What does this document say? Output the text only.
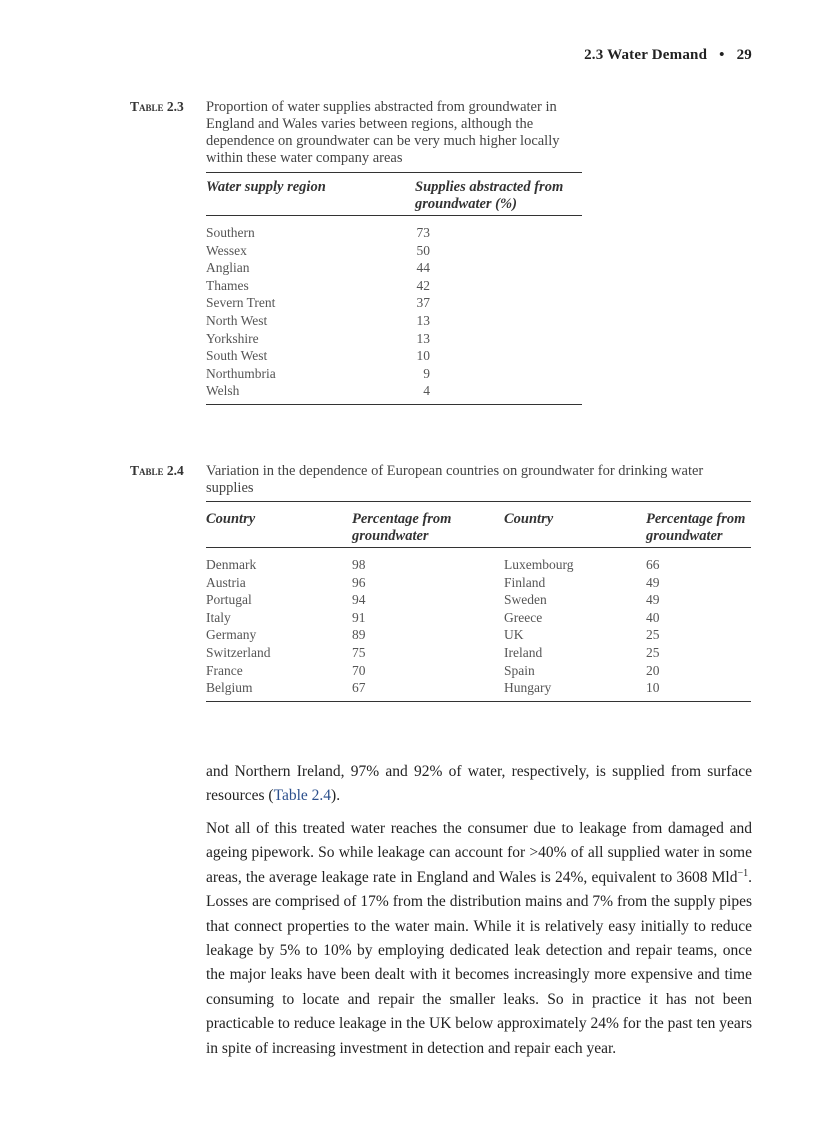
2.3 Water Demand • 29
Table 2.3 Proportion of water supplies abstracted from groundwater in England and Wales varies between regions, although the dependence on groundwater can be very much higher locally within these water company areas
Water supply region	Supplies abstracted from groundwater (%)
Southern	73
Wessex	50
Anglian	44
Thames	42
Severn Trent	37
North West	13
Yorkshire	13
South West	10
Northumbria	9
Welsh	4
Table 2.4 Variation in the dependence of European countries on groundwater for drinking water supplies
Country	Percentage from groundwater	Country	Percentage from groundwater
Denmark	98	Luxembourg	66
Austria	96	Finland	49
Portugal	94	Sweden	49
Italy	91	Greece	40
Germany	89	UK	25
Switzerland	75	Ireland	25
France	70	Spain	20
Belgium	67	Hungary	10

and Northern Ireland, 97% and 92% of water, respectively, is supplied from surface resources (Table 2.4).

Not all of this treated water reaches the consumer due to leakage from damaged and ageing pipework. So while leakage can account for >40% of all supplied water in some areas, the average leakage rate in England and Wales is 24%, equivalent to 3608 Mld$^{-1}$. Losses are comprised of 17% from the distribution mains and 7% from the supply pipes that connect properties to the water main. While it is relatively easy initially to reduce leakage by 5% to 10% by employing dedicated leak detection and repair teams, once the major leaks have been dealt with it becomes increasingly more expensive and time consuming to locate and repair the smaller leaks. So in practice it has not been practicable to reduce leakage in the UK below approximately 24% for the past ten years in spite of increasing investment in detection and repair each year.
